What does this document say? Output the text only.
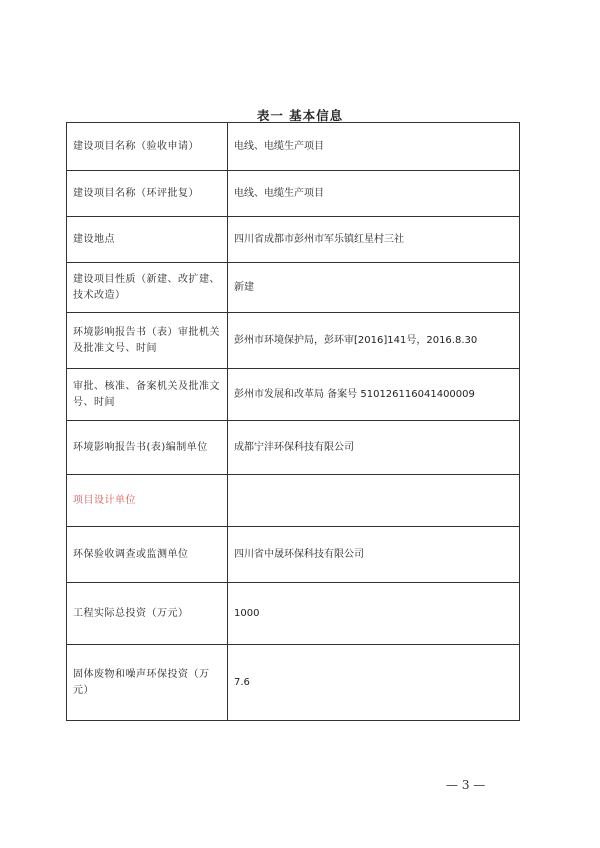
表一 基本信息
建设项目名称（验收申请）	电线、电缆生产项目
建设项目名称（环评批复）	电线、电缆生产项目
建设地点	四川省成都市彭州市军乐镇红星村三社
建设项目性质（新建、改扩建、技术改造）	新建
环境影响报告书（表）审批机关及批准文号、时间	彭州市环境保护局，彭环审[2016]141号，2016.8.30
审批、核准、备案机关及批准文号、时间	彭州市发展和改革局 备案号 510126116041400009
环境影响报告书(表)编制单位	成都宁沣环保科技有限公司
项目设计单位	
环保验收调查或监测单位	四川省中晟环保科技有限公司
工程实际总投资（万元）	1000
固体废物和噪声环保投资（万元）	7.6
— 3 —
